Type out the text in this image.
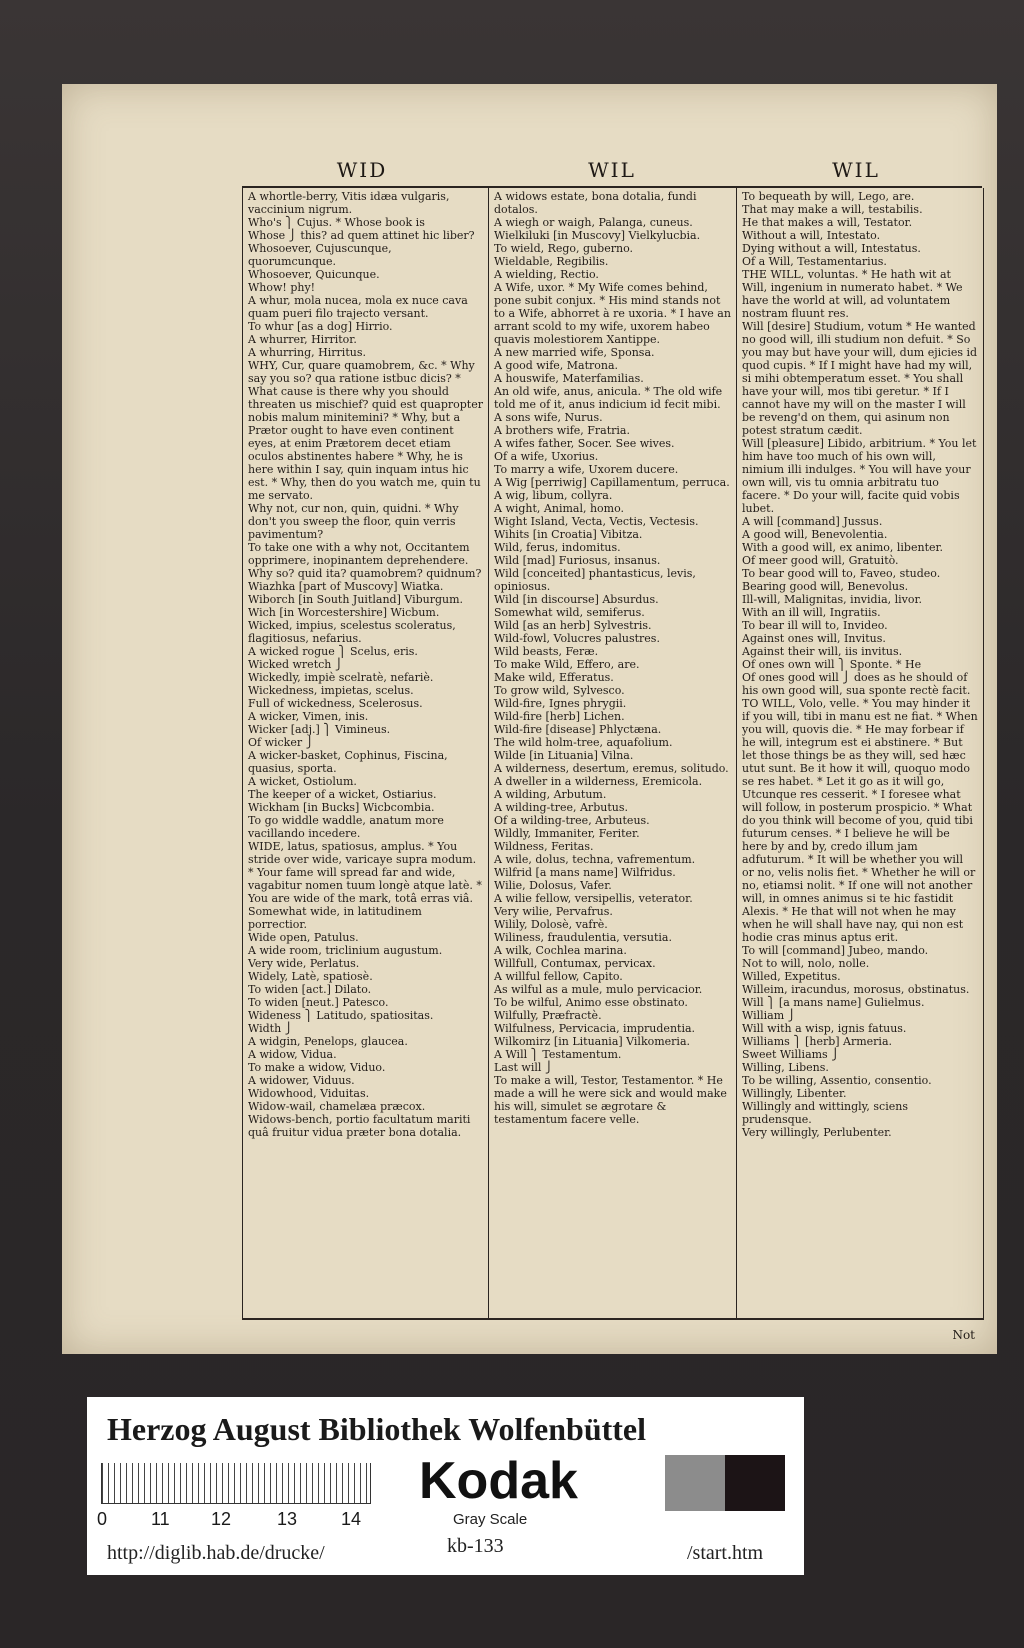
WID	WIL	WIL

A whortle-berry, Vitis idæa vulgaris, vaccinium nigrum.

Who's ⎫ Cujus. * Whose book is

Whose ⎭ this? ad quem attinet hic liber?

Whosoever, Cujuscunque, quorumcunque.

Whosoever, Quicunque.

Whow! phy!

A whur, mola nucea, mola ex nuce cava quam pueri filo trajecto versant.

To whur [as a dog] Hirrio.

A whurrer, Hirritor.

A whurring, Hirritus.

WHY, Cur, quare quamobrem, &c. * Why say you so? qua ratione istbuc dicis? * What cause is there why you should threaten us mischief? quid est quapropter nobis malum minitemini? * Why, but a Prætor ought to have even continent eyes, at enim Prætorem decet etiam oculos abstinentes habere * Why, he is here within I say, quin inquam intus hic est. * Why, then do you watch me, quin tu me servato.

Why not, cur non, quin, quidni. * Why don't you sweep the floor, quin verris pavimentum?

To take one with a why not, Occitantem opprimere, inopinantem deprehendere.

Why so? quid ita? quamobrem? quidnum?

Wiazhka [part of Muscovy] Wiatka.

Wiborch [in South Juitland] Viburgum.

Wich [in Worcestershire] Wicbum.

Wicked, impius, scelestus scoleratus, flagitiosus, nefarius.

A wicked rogue ⎫ Scelus, eris.

Wicked wretch ⎭

Wickedly, impiè scelratè, nefariè.

Wickedness, impietas, scelus.

Full of wickedness, Scelerosus.

A wicker, Vimen, inis.

Wicker [adj.] ⎫ Vimineus.

Of wicker ⎭

A wicker-basket, Cophinus, Fiscina, quasius, sporta.

A wicket, Ostiolum.

The keeper of a wicket, Ostiarius.

Wickham [in Bucks] Wicbcombia.

To go widdle waddle, anatum more vacillando incedere.

WIDE, latus, spatiosus, amplus. * You stride over wide, varicaye supra modum. * Your fame will spread far and wide, vagabitur nomen tuum longè atque latè. * You are wide of the mark, totâ erras viâ.

Somewhat wide, in latitudinem porrectior.

Wide open, Patulus.

A wide room, triclinium augustum.

Very wide, Perlatus.

Widely, Latè, spatiosè.

To widen [act.] Dilato.

To widen [neut.] Patesco.

Wideness ⎫ Latitudo, spatiositas.

Width ⎭

A widgin, Penelops, glaucea.

A widow, Vidua.

To make a widow, Viduo.

A widower, Viduus.

Widowhood, Viduitas.

Widow-wail, chamelæa præcox.

Widows-bench, portio facultatum mariti quâ fruitur vidua præter bona dotalia.

A widows estate, bona dotalia, fundi dotalos.

A wiegh or waigh, Palanga, cuneus.

Wielkiluki [in Muscovy] Vielkylucbia.

To wield, Rego, guberno.

Wieldable, Regibilis.

A wielding, Rectio.

A Wife, uxor. * My Wife comes behind, pone subit conjux. * His mind stands not to a Wife, abhorret à re uxoria. * I have an arrant scold to my wife, uxorem habeo quavis molestiorem Xantippe.

A new married wife, Sponsa.

A good wife, Matrona.

A houswife, Materfamilias.

An old wife, anus, anicula. * The old wife told me of it, anus indicium id fecit mibi.

A sons wife, Nurus.

A brothers wife, Fratria.

A wifes father, Socer. See wives.

Of a wife, Uxorius.

To marry a wife, Uxorem ducere.

A Wig [perriwig] Capillamentum, perruca.

A wig, libum, collyra.

A wight, Animal, homo.

Wight Island, Vecta, Vectis, Vectesis.

Wihits [in Croatia] Vibitza.

Wild, ferus, indomitus.

Wild [mad] Furiosus, insanus.

Wild [conceited] phantasticus, levis, opiniosus.

Wild [in discourse] Absurdus.

Somewhat wild, semiferus.

Wild [as an herb] Sylvestris.

Wild-fowl, Volucres palustres.

Wild beasts, Feræ.

To make Wild, Effero, are.

Make wild, Efferatus.

To grow wild, Sylvesco.

Wild-fire, Ignes phrygii.

Wild-fire [herb] Lichen.

Wild-fire [disease] Phlyctæna.

The wild holm-tree, aquafolium.

Wilde [in Lituania] Vilna.

A wilderness, desertum, eremus, solitudo.

A dweller in a wilderness, Eremicola.

A wilding, Arbutum.

A wilding-tree, Arbutus.

Of a wilding-tree, Arbuteus.

Wildly, Immaniter, Feriter.

Wildness, Feritas.

A wile, dolus, techna, vafrementum.

Wilfrid [a mans name] Wilfridus.

Wilie, Dolosus, Vafer.

A wilie fellow, versipellis, veterator.

Very wilie, Pervafrus.

Wilily, Dolosè, vafrè.

Wiliness, fraudulentia, versutia.

A wilk, Cochlea marina.

Willfull, Contumax, pervicax.

A willful fellow, Capito.

As wilful as a mule, mulo pervicacior.

To be wilful, Animo esse obstinato.

Wilfully, Præfractè.

Wilfulness, Pervicacia, imprudentia.

Wilkomirz [in Lituania] Vilkomeria.

A Will ⎫ Testamentum.

Last will ⎭

To make a will, Testor, Testamentor. * He made a will he were sick and would make his will, simulet se ægrotare & testamentum facere velle.

To bequeath by will, Lego, are.

That may make a will, testabilis.

He that makes a will, Testator.

Without a will, Intestato.

Dying without a will, Intestatus.

Of a Will, Testamentarius.

THE WILL, voluntas. * He hath wit at Will, ingenium in numerato habet. * We have the world at will, ad voluntatem nostram fluunt res.

Will [desire] Studium, votum * He wanted no good will, illi studium non defuit. * So you may but have your will, dum ejicies id quod cupis. * If I might have had my will, si mihi obtemperatum esset. * You shall have your will, mos tibi geretur. * If I cannot have my will on the master I will be reveng'd on them, qui asinum non potest stratum cædit.

Will [pleasure] Libido, arbitrium. * You let him have too much of his own will, nimium illi indulges. * You will have your own will, vis tu omnia arbitratu tuo facere. * Do your will, facite quid vobis lubet.

A will [command] Jussus.

A good will, Benevolentia.

With a good will, ex animo, libenter.

Of meer good will, Gratuitò.

To bear good will to, Faveo, studeo.

Bearing good will, Benevolus.

Ill-will, Malignitas, invidia, livor.

With an ill will, Ingratiis.

To bear ill will to, Invideo.

Against ones will, Invitus.

Against their will, iis invitus.

Of ones own will ⎫ Sponte. * He

Of ones good will ⎭ does as he should of his own good will, sua sponte rectè facit.

TO WILL, Volo, velle. * You may hinder it if you will, tibi in manu est ne fiat. * When you will, quovis die. * He may forbear if he will, integrum est ei abstinere. * But let those things be as they will, sed hæc utut sunt. Be it how it will, quoquo modo se res habet. * Let it go as it will go, Utcunque res cesserit. * I foresee what will follow, in posterum prospicio. * What do you think will become of you, quid tibi futurum censes. * I believe he will be here by and by, credo illum jam adfuturum. * It will be whether you will or no, velis nolis fiet. * Whether he will or no, etiamsi nolit. * If one will not another will, in omnes animus si te hic fastidit Alexis. * He that will not when he may when he will shall have nay, qui non est hodie cras minus aptus erit.

To will [command] Jubeo, mando.

Not to will, nolo, nolle.

Willed, Expetitus.

Willeim, iracundus, morosus, obstinatus.

Will ⎫ [a mans name] Gulielmus.

William ⎭

Will with a wisp, ignis fatuus.

Williams ⎫ [herb] Armeria.

Sweet Williams ⎭

Willing, Libens.

To be willing, Assentio, consentio.

Willingly, Libenter.

Willingly and wittingly, sciens prudensque.

Very willingly, Perlubenter.

Not
Herzog August Bibliothek Wolfenbüttel
0 11 12	13 14
Kodak
Gray Scale
kb-133
http://diglib.hab.de/drucke/	/start.htm
